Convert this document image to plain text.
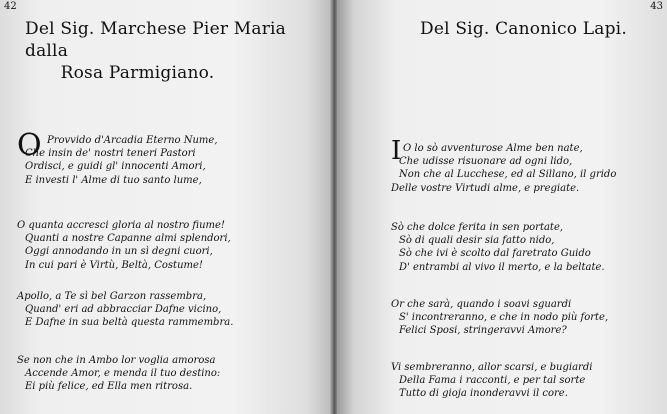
42
Del Sig. Marchese Pier Maria dalla

Rosa Parmigiano.
O Provvido d'Arcadia Eterno Nume,
Che insin de' nostri teneri Pastori
Ordisci, e guidi gl' innocenti Amori,
E investi l' Alme di tuo santo lume,
O quanta accresci gloria al nostro fiume!
Quanti a nostre Capanne almi splendori,
Oggi annodando in un sì degni cuori,
In cui pari è Virtù, Beltà, Costume!
Apollo, a Te sì bel Garzon rassembra,
Quand' eri ad abbracciar Dafne vicino,
E Dafne in sua beltà questa rammembra.
Se non che in Ambo lor voglia amorosa
Accende Amor, e menda il tuo destino:
Ei più felice, ed Ella men ritrosa.
43
Del Sig. Canonico Lapi.
I O lo sò avventurose Alme ben nate,
Che udisse risuonare ad ogni lido,
Non che al Lucchese, ed al Sillano, il grido
Delle vostre Virtudi alme, e pregiate.
Sò che dolce ferita in sen portate,
Sò di quali desir sia fatto nido,
Sò che ivi è scolto dal faretrato Guido
D' entrambi al vivo il merto, e la beltate.
Or che sarà, quando i soavi sguardi
S' incontreranno, e che in nodo più forte,
Felici Sposi, stringeravvi Amore?
Vi sembreranno, allor scarsi, e bugiardi
Della Fama i racconti, e per tal sorte
Tutto di gioja inonderavvi il core.
